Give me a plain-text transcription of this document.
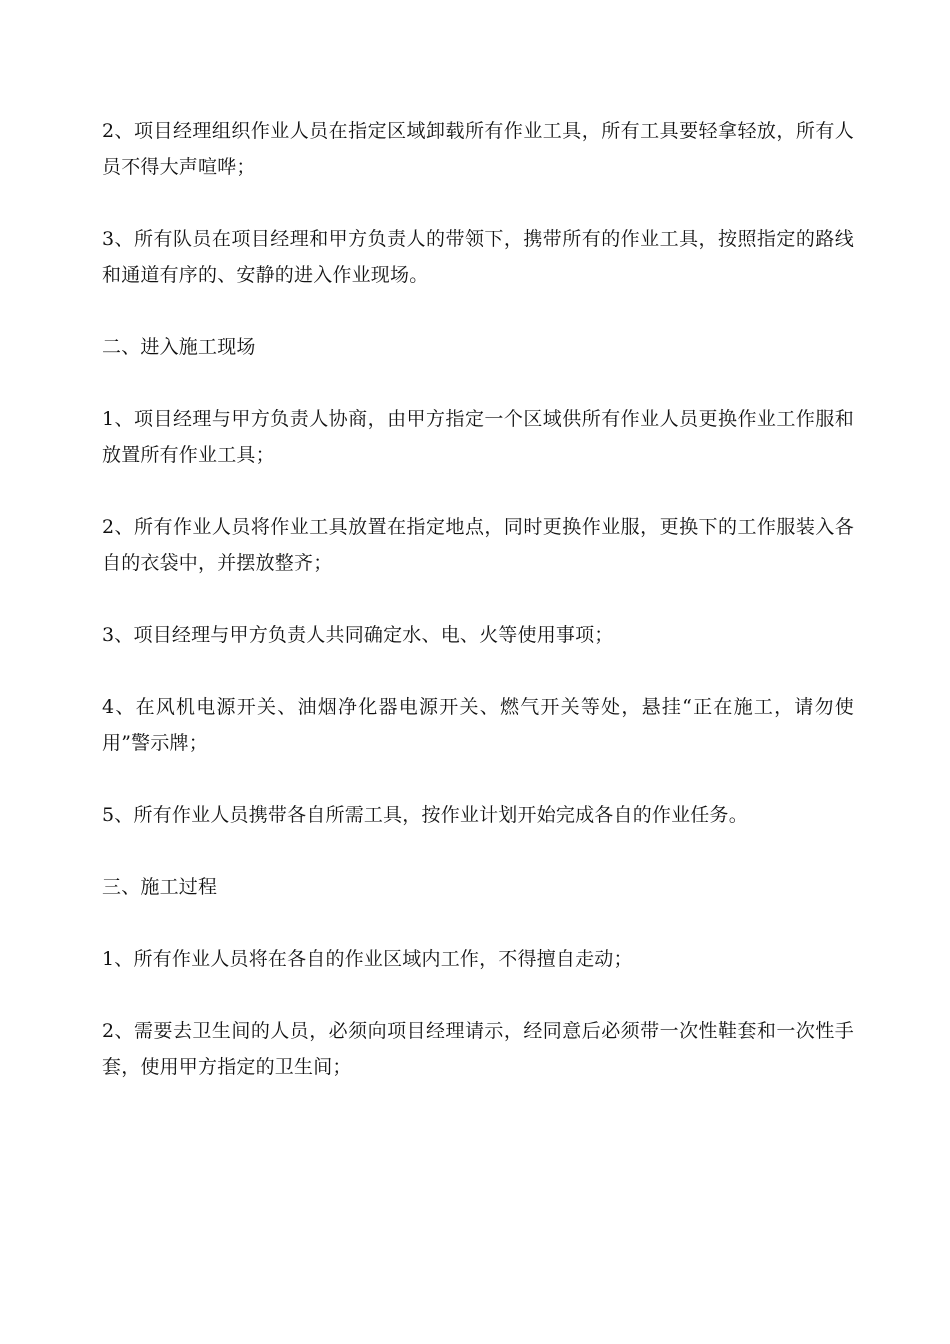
2、项目经理组织作业人员在指定区域卸载所有作业工具，所有工具要轻拿轻放，所有人员不得大声喧哗；

3、所有队员在项目经理和甲方负责人的带领下，携带所有的作业工具，按照指定的路线和通道有序的、安静的进入作业现场。

二、进入施工现场

1、项目经理与甲方负责人协商，由甲方指定一个区域供所有作业人员更换作业工作服和放置所有作业工具；

2、所有作业人员将作业工具放置在指定地点，同时更换作业服，更换下的工作服装入各自的衣袋中，并摆放整齐；

3、项目经理与甲方负责人共同确定水、电、火等使用事项；

4、在风机电源开关、油烟净化器电源开关、燃气开关等处，悬挂“正在施工，请勿使用”警示牌；

5、所有作业人员携带各自所需工具，按作业计划开始完成各自的作业任务。

三、施工过程

1、所有作业人员将在各自的作业区域内工作，不得擅自走动；

2、需要去卫生间的人员，必须向项目经理请示，经同意后必须带一次性鞋套和一次性手套，使用甲方指定的卫生间；
